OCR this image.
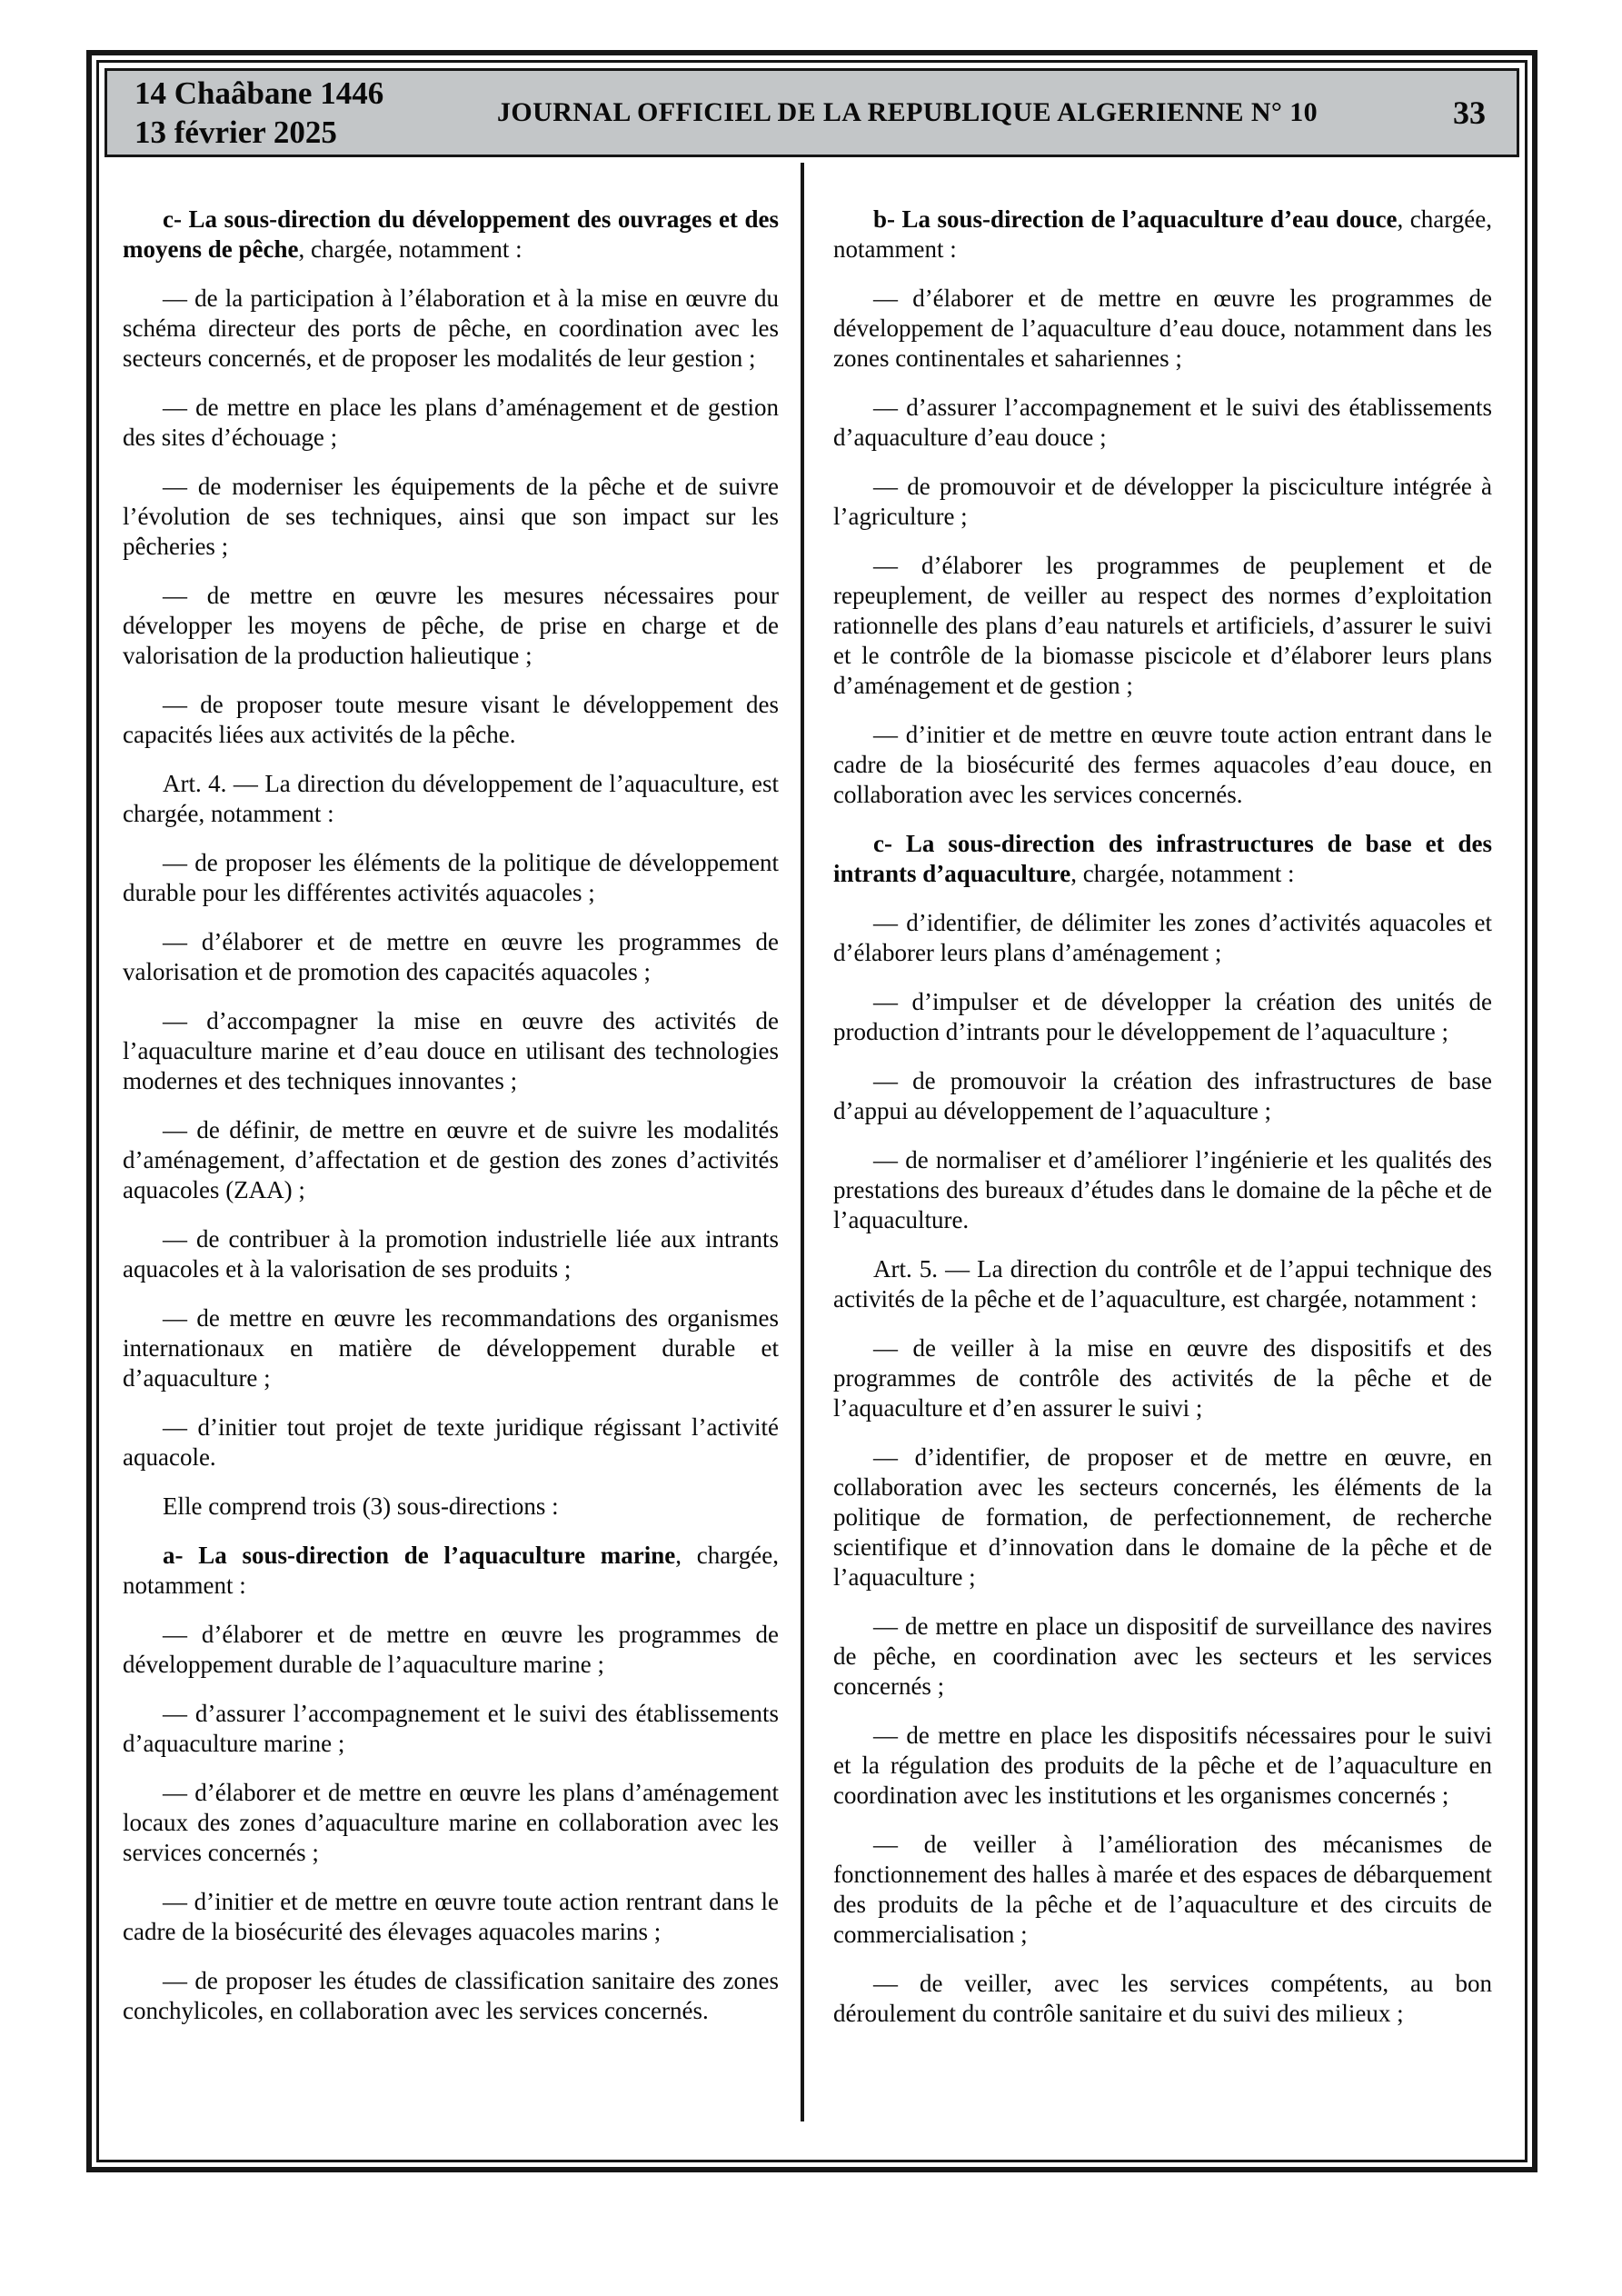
14 Chaâbane 1446
13 février 2025
JOURNAL OFFICIEL DE LA REPUBLIQUE ALGERIENNE N° 10	33

c- La sous-direction du développement des ouvrages et des moyens de pêche, chargée, notamment :

— de la participation à l’élaboration et à la mise en œuvre du schéma directeur des ports de pêche, en coordination avec les secteurs concernés, et de proposer les modalités de leur gestion ;

— de mettre en place les plans d’aménagement et de gestion des sites d’échouage ;

— de moderniser les équipements de la pêche et de suivre l’évolution de ses techniques, ainsi que son impact sur les pêcheries ;

— de mettre en œuvre les mesures nécessaires pour développer les moyens de pêche, de prise en charge et de valorisation de la production halieutique ;

— de proposer toute mesure visant le développement des capacités liées aux activités de la pêche.

Art. 4. — La direction du développement de l’aquaculture, est chargée, notamment :

— de proposer les éléments de la politique de développement durable pour les différentes activités aquacoles ;

— d’élaborer et de mettre en œuvre les programmes de valorisation et de promotion des capacités aquacoles ;

— d’accompagner la mise en œuvre des activités de l’aquaculture marine et d’eau douce en utilisant des technologies modernes et des techniques innovantes ;

— de définir, de mettre en œuvre et de suivre les modalités d’aménagement, d’affectation et de gestion des zones d’activités aquacoles (ZAA) ;

— de contribuer à la promotion industrielle liée aux intrants aquacoles et à la valorisation de ses produits ;

— de mettre en œuvre les recommandations des organismes internationaux en matière de développement durable et d’aquaculture ;

— d’initier tout projet de texte juridique régissant l’activité aquacole.

Elle comprend trois (3) sous-directions :

a- La sous-direction de l’aquaculture marine, chargée, notamment :

— d’élaborer et de mettre en œuvre les programmes de développement durable de l’aquaculture marine ;

— d’assurer l’accompagnement et le suivi des établissements d’aquaculture marine ;

— d’élaborer et de mettre en œuvre les plans d’aménagement locaux des zones d’aquaculture marine en collaboration avec les services concernés ;

— d’initier et de mettre en œuvre toute action rentrant dans le cadre de la biosécurité des élevages aquacoles marins ;

— de proposer les études de classification sanitaire des zones conchylicoles, en collaboration avec les services concernés.

b- La sous-direction de l’aquaculture d’eau douce, chargée, notamment :

— d’élaborer et de mettre en œuvre les programmes de développement de l’aquaculture d’eau douce, notamment dans les zones continentales et sahariennes ;

— d’assurer l’accompagnement et le suivi des établissements d’aquaculture d’eau douce ;

— de promouvoir et de développer la pisciculture intégrée à l’agriculture ;

— d’élaborer les programmes de peuplement et de repeuplement, de veiller au respect des normes d’exploitation rationnelle des plans d’eau naturels et artificiels, d’assurer le suivi et le contrôle de la biomasse piscicole et d’élaborer leurs plans d’aménagement et de gestion ;

— d’initier et de mettre en œuvre toute action entrant dans le cadre de la biosécurité des fermes aquacoles d’eau douce, en collaboration avec les services concernés.

c- La sous-direction des infrastructures de base et des intrants d’aquaculture, chargée, notamment :

— d’identifier, de délimiter les zones d’activités aquacoles et d’élaborer leurs plans d’aménagement ;

— d’impulser et de développer la création des unités de production d’intrants pour le développement de l’aquaculture ;

— de promouvoir la création des infrastructures de base d’appui au développement de l’aquaculture ;

— de normaliser et d’améliorer l’ingénierie et les qualités des prestations des bureaux d’études dans le domaine de la pêche et de l’aquaculture.

Art. 5. — La direction du contrôle et de l’appui technique des activités de la pêche et de l’aquaculture, est chargée, notamment :

— de veiller à la mise en œuvre des dispositifs et des programmes de contrôle des activités de la pêche et de l’aquaculture et d’en assurer le suivi ;

— d’identifier, de proposer et de mettre en œuvre, en collaboration avec les secteurs concernés, les éléments de la politique de formation, de perfectionnement, de recherche scientifique et d’innovation dans le domaine de la pêche et de l’aquaculture ;

— de mettre en place un dispositif de surveillance des navires de pêche, en coordination avec les secteurs et les services concernés ;

— de mettre en place les dispositifs nécessaires pour le suivi et la régulation des produits de la pêche et de l’aquaculture en coordination avec les institutions et les organismes concernés ;

— de veiller à l’amélioration des mécanismes de fonctionnement des halles à marée et des espaces de débarquement des produits de la pêche et de l’aquaculture et des circuits de commercialisation ;

— de veiller, avec les services compétents, au bon déroulement du contrôle sanitaire et du suivi des milieux ;
